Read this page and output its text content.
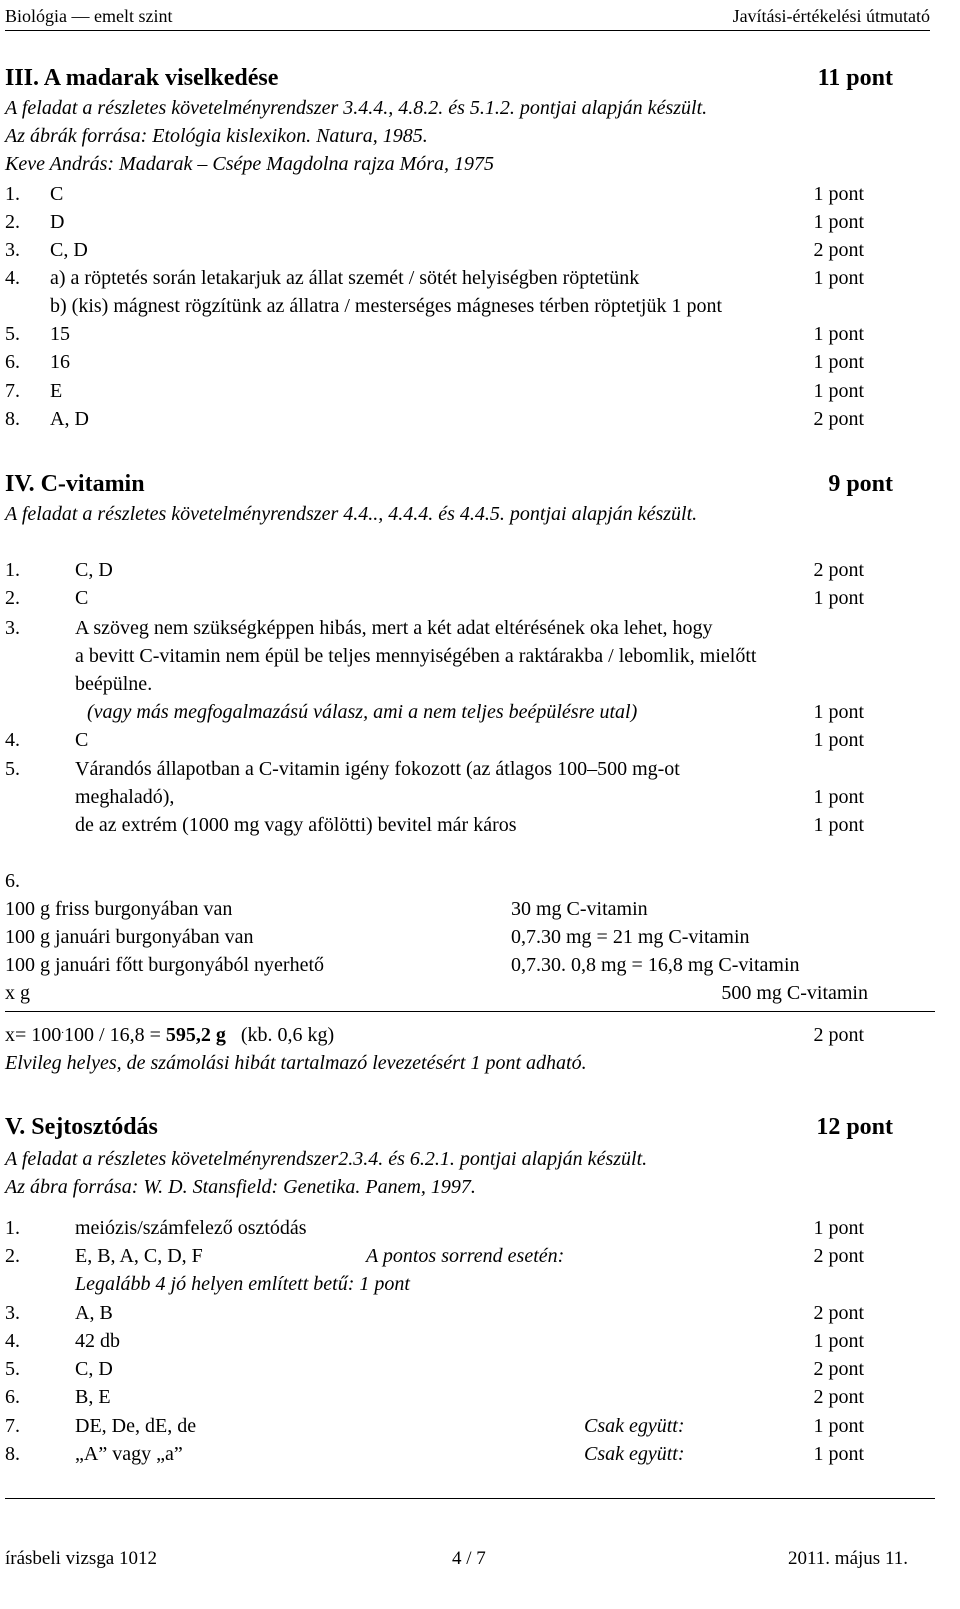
Biológia — emelt szint	Javítási-értékelési útmutató
III. A madarak viselkedése	11 pont
A feladat a részletes követelményrendszer 3.4.4., 4.8.2. és 5.1.2. pontjai alapján készült.
Az ábrák forrása: Etológia kislexikon. Natura, 1985.
Keve András: Madarak – Csépe Magdolna rajza Móra, 1975
1. C	1 pont
2. D	1 pont
3. C, D	2 pont
4. a) a röptetés során letakarjuk az állat szemét / sötét helyiségben röptetünk	1 pont
b) (kis) mágnest rögzítünk az állatra / mesterséges mágneses térben röptetjük 1 pont
5. 15	1 pont
6. 16	1 pont
7. E	1 pont
8. A, D	2 pont
IV. C-vitamin	9 pont
A feladat a részletes követelményrendszer 4.4.., 4.4.4. és 4.4.5. pontjai alapján készült.
1.	C, D	2 pont
2.	C	1 pont
3.	A szöveg nem szükségképpen hibás, mert a két adat eltérésének oka lehet, hogy
a bevitt C-vitamin nem épül be teljes mennyiségében a raktárakba / lebomlik, mielőtt
beépülne.
(vagy más megfogalmazású válasz, ami a nem teljes beépülésre utal)	1 pont
4.	C	1 pont
5.	Várandós állapotban a C-vitamin igény fokozott (az átlagos 100–500 mg-ot
meghaladó),	1 pont
de az extrém (1000 mg vagy afölötti) bevitel már káros	1 pont
6.
100 g friss burgonyában van	30 mg C-vitamin
100 g januári burgonyában van	0,7.30 mg = 21 mg C-vitamin
100 g januári főtt burgonyából nyerhető	0,7.30. 0,8 mg = 16,8 mg C-vitamin
x g	500 mg C-vitamin
x= 100.100 / 16,8 = 595,2 g   (kb. 0,6 kg)	2 pont
Elvileg helyes, de számolási hibát tartalmazó levezetésért 1 pont adható.
V. Sejtosztódás	12 pont
A feladat a részletes követelményrendszer2.3.4. és 6.2.1. pontjai alapján készült.
Az ábra forrása: W. D. Stansfield: Genetika. Panem, 1997.
1.	meiózis/számfelező osztódás	1 pont
2.	E, B, A, C, D, F	A pontos sorrend esetén:	2 pont
Legalább 4 jó helyen említett betű: 1 pont
3.	A, B	2 pont
4.	42 db	1 pont
5.	C, D	2 pont
6.	B, E	2 pont
7.	DE, De, dE, de	Csak együtt:	1 pont
8.	„A” vagy „a”	Csak együtt:	1 pont
írásbeli vizsga 1012	4 / 7	2011. május 11.
